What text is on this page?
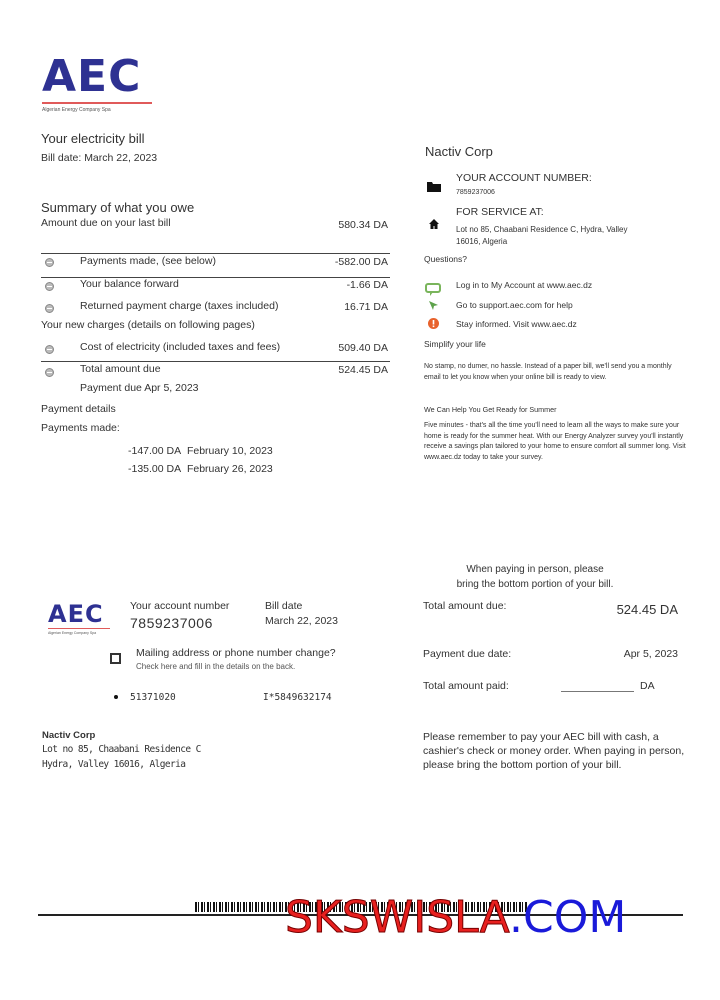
AEC
Algerian Energy Company Spa
Your electricity bill
Bill date: March 22, 2023
Summary of what you owe
Amount due on your last bill	580.34 DA
Payments made, (see below)	-582.00 DA
Your balance forward	-1.66 DA
Returned payment charge (taxes included)	16.71 DA
Your new charges (details on following pages)
Cost of electricity (included taxes and fees)	509.40 DA
Total amount due	524.45 DA
Payment due Apr 5, 2023
Payment details
Payments made:
-147.00 DA February 10, 2023
-135.00 DA February 26, 2023
Nactiv Corp
YOUR ACCOUNT NUMBER:
7859237006
FOR SERVICE AT:
Lot no 85, Chaabani Residence C, Hydra, Valley
16016, Algeria
Questions?
Log in to My Account at www.aec.dz
Go to support.aec.com for help
Stay informed. Visit www.aec.dz
Simplify your life
No stamp, no dumer, no hassle. Instead of a paper bill, we'll send you a monthly email to let you know when your online bill is ready to view.
We Can Help You Get Ready for Summer
Five minutes - that's all the time you'll need to learn all the ways to make sure your home is ready for the summer heat. With our Energy Analyzer survey you'll instantly receive a savings plan tailored to your home to ensure comfort all summer long. Visit www.aec.dz today to take your survey.
When paying in person, please
bring the bottom portion of your bill.
AEC
Algerian Energy Company Spa
Your account number
7859237006
Bill date
March 22, 2023
Mailing address or phone number change?
Check here and fill in the details on the back.
51371020	I*5849632174
Nactiv Corp
Lot no 85, Chaabani Residence C
Hydra, Valley 16016, Algeria
Total amount due:	524.45 DA
Payment due date:	Apr 5, 2023
Total amount paid:	DA
Please remember to pay your AEC bill with cash, a cashier's check or money order. When paying in person, please bring the bottom portion of your bill.
SKSWISLA.COM
